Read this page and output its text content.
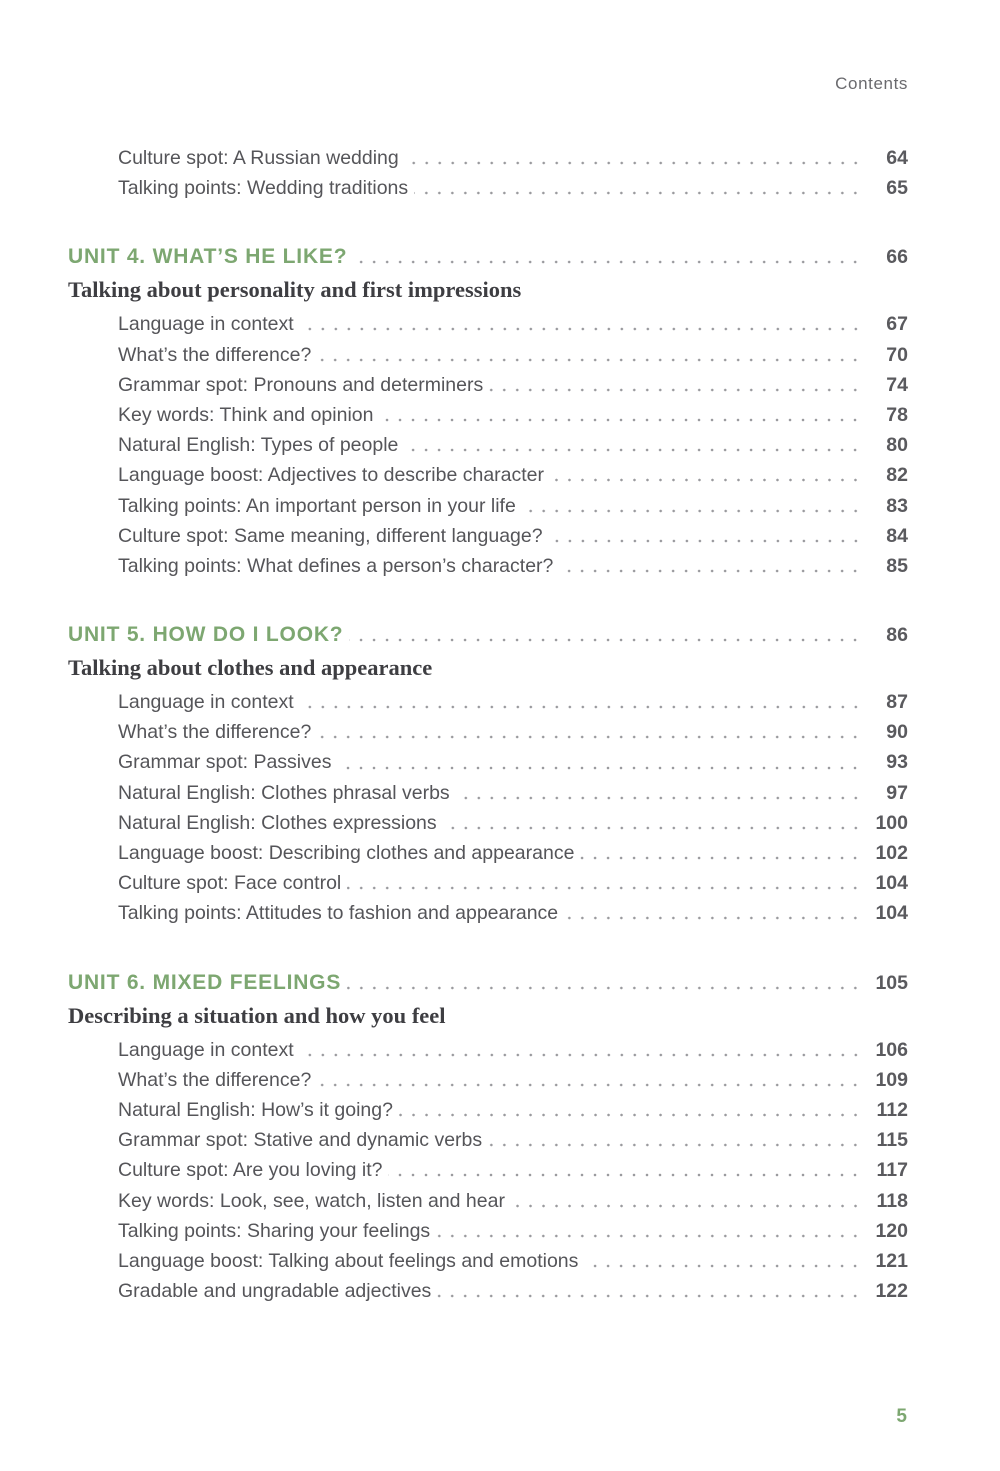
Contents
Culture spot: A Russian wedding	64
Talking points: Wedding traditions	65
UNIT 4. WHAT’S HE LIKE?	66
Talking about personality and first impressions
Language in context	67
What’s the difference?	70
Grammar spot: Pronouns and determiners	74
Key words: Think and opinion	78
Natural English: Types of people	80
Language boost: Adjectives to describe character	82
Talking points: An important person in your life	83
Culture spot: Same meaning, different language?	84
Talking points: What defines a person’s character?	85
UNIT 5. HOW DO I LOOK?	86
Talking about clothes and appearance
Language in context	87
What’s the difference?	90
Grammar spot: Passives	93
Natural English: Clothes phrasal verbs	97
Natural English: Clothes expressions	100
Language boost: Describing clothes and appearance	102
Culture spot: Face control	104
Talking points: Attitudes to fashion and appearance	104
UNIT 6. MIXED FEELINGS	105
Describing a situation and how you feel
Language in context	106
What’s the difference?	109
Natural English: How’s it going?	112
Grammar spot: Stative and dynamic verbs	115
Culture spot: Are you loving it?	117
Key words: Look, see, watch, listen and hear	118
Talking points: Sharing your feelings	120
Language boost: Talking about feelings and emotions	121
Gradable and ungradable adjectives	122
5
